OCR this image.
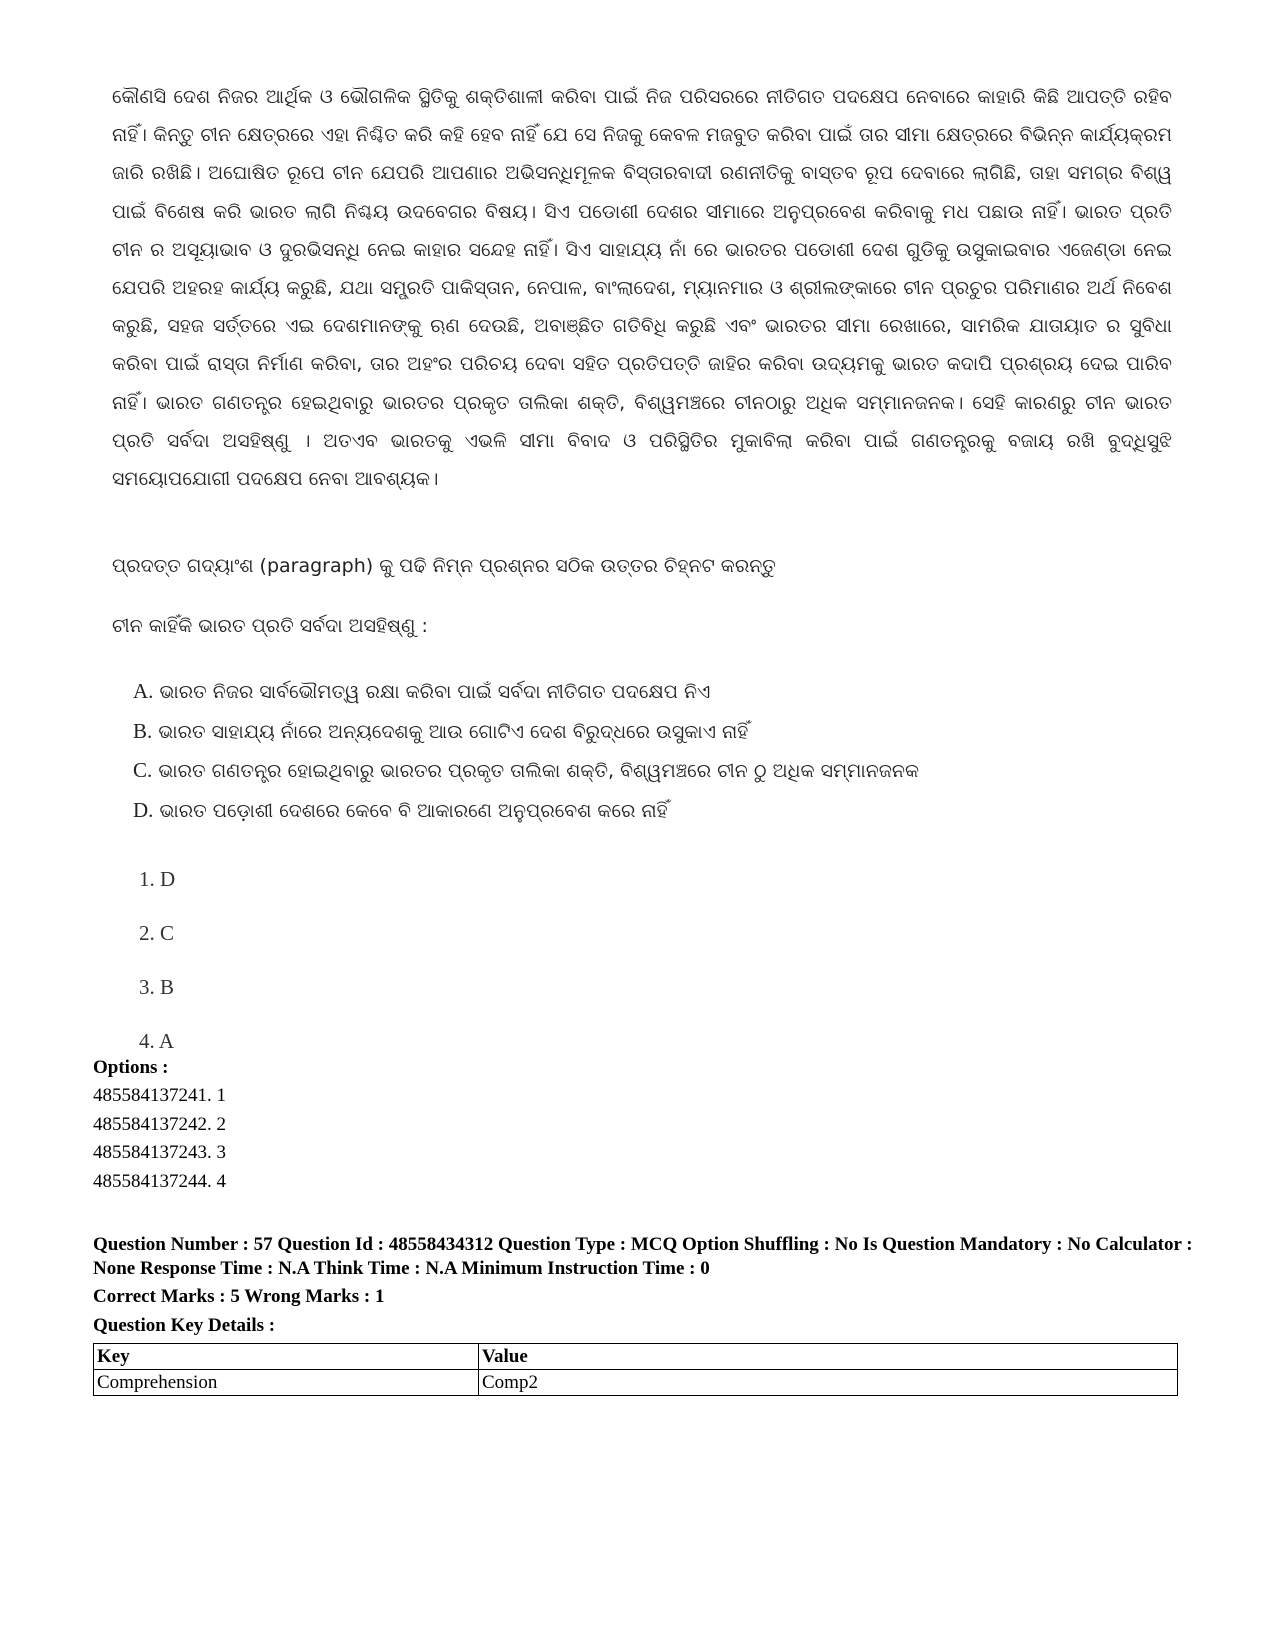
କୌଣସି ଦେଶ ନିଜର ଆର୍ଥିକ ଓ ଭୌଗଳିକ ସ୍ଥିତିକୁ ଶକ୍ତିଶାଳୀ କରିବା ପାଇଁ ନିଜ ପରିସରରେ ନୀତିଗତ ପଦକ୍ଷେପ ନେବାରେ କାହାରି କିଛି ଆପତ୍ତି ରହିବ ନାହିଁ। କିନ୍ତୁ ଚୀନ କ୍ଷେତ୍ରରେ ଏହା ନିଶ୍ଚିତ କରି କହି ହେବ ନାହିଁ ଯେ ସେ ନିଜକୁ କେବଳ ମଜବୁତ କରିବା ପାଇଁ ତାର ସୀମା କ୍ଷେତ୍ରରେ ବିଭିନ୍ନ କାର୍ଯ୍ୟକ୍ରମ ଜାରି ରଖିଛି। ଅଘୋଷିତ ରୂପେ ଚୀନ ଯେପରି ଆପଣାର ଅଭିସନ୍ଧିମୂଳକ ବିସ୍ତାରବାଦୀ ରଣନୀତିକୁ ବାସ୍ତବ ରୂପ ଦେବାରେ ଲାଗିଛି, ତାହା ସମଗ୍ର ବିଶ୍ୱ ପାଇଁ ବିଶେଷ କରି ଭାରତ ଲାଗି ନିଶ୍ଚୟ ଉଦବେଗର ବିଷୟ। ସିଏ ପଡୋଶୀ ଦେଶର ସୀମାରେ ଅନୁପ୍ରବେଶ କରିବାକୁ ମଧ ପଛାଉ ନାହିଁ। ଭାରତ ପ୍ରତି ଚୀନ ର ଅସୂୟାଭାବ ଓ ଦୁରଭିସନ୍ଧି ନେଇ କାହାର ସନ୍ଦେହ ନାହିଁ। ସିଏ ସାହାଯ୍ୟ ନାଁ ରେ ଭାରତର ପଡୋଶୀ ଦେଶ ଗୁଡିକୁ ଉସୁକାଇବାର ଏଜେଣ୍ଡା ନେଇ ଯେପରି ଅହରହ କାର୍ଯ୍ୟ କରୁଛି, ଯଥା ସମ୍ପ୍ରତି ପାକିସ୍ତାନ, ନେପାଳ, ବାଂଲାଦେଶ, ମ୍ୟାନମାର ଓ ଶ୍ରୀଲଙ୍କାରେ ଚୀନ ପ୍ରଚୁର ପରିମାଣର ଅର୍ଥ ନିବେଶ କରୁଛି, ସହଜ ସର୍ତ୍ତରେ ଏଇ ଦେଶମାନଙ୍କୁ ଋଣ ଦେଉଛି, ଅବାଞ୍ଛିତ ଗତିବିଧି କରୁଛି ଏବଂ ଭାରତର ସୀମା ରେଖାରେ, ସାମରିକ ଯାତାୟାତ ର ସୁବିଧା କରିବା ପାଇଁ ରାସ୍ତା ନିର୍ମାଣ କରିବା, ତାର ଅହଂର ପରିଚୟ ଦେବା ସହିତ ପ୍ରତିପତ୍ତି ଜାହିର କରିବା ଉଦ୍ୟମକୁ ଭାରତ କଦାପି ପ୍ରଶ୍ରୟ ଦେଇ ପାରିବ ନାହିଁ। ଭାରତ ଗଣତନ୍ତ୍ର ହେଇଥିବାରୁ ଭାରତର ପ୍ରକୃତ ତାଲିକା ଶକ୍ତି, ବିଶ୍ୱମଞ୍ଚରେ ଚୀନଠାରୁ ଅଧିକ ସମ୍ମାନଜନକ। ସେହି କାରଣରୁ ଚୀନ ଭାରତ ପ୍ରତି ସର୍ବଦା ଅସହିଷ୍ଣୁ । ଅତଏବ ଭାରତକୁ ଏଭଳି ସୀମା ବିବାଦ ଓ ପରିସ୍ଥିତିର ମୁକାବିଲା କରିବା ପାଇଁ ଗଣତନ୍ତ୍ରକୁ ବଜାୟ ରଖି ବୁଦ୍ଧିସୁଝି ସମୟୋପଯୋଗୀ ପଦକ୍ଷେପ ନେବା ଆବଶ୍ୟକ।
ପ୍ରଦତ୍ତ ଗଦ୍ୟାଂଶ (paragraph) କୁ ପଢି ନିମ୍ନ ପ୍ରଶ୍ନର ସଠିକ ଉତ୍ତର ଚିହ୍ନଟ କରନ୍ତୁ
ଚୀନ କାହିଁକି ଭାରତ ପ୍ରତି ସର୍ବଦା ଅସହିଷ୍ଣୁ :
A. ଭାରତ ନିଜର ସାର୍ବଭୌମତ୍ୱ ରକ୍ଷା କରିବା ପାଇଁ ସର୍ବଦା ନୀତିଗତ ପଦକ୍ଷେପ ନିଏ
B. ଭାରତ ସାହାଯ୍ୟ ନାଁରେ ଅନ୍ୟଦେଶକୁ ଆଉ ଗୋଟିଏ ଦେଶ ବିରୁଦ୍ଧରେ ଉସୁକାଏ ନାହିଁ
C. ଭାରତ ଗଣତନ୍ତ୍ର ହୋଇଥିବାରୁ ଭାରତର ପ୍ରକୃତ ତାଲିକା ଶକ୍ତି, ବିଶ୍ୱମଞ୍ଚରେ ଚୀନ ଠୁ ଅଧିକ ସମ୍ମାନଜନକ
D. ଭାରତ ପଡ଼ୋଶୀ ଦେଶରେ କେବେ ବି ଆକାରଣେ ଅନୁପ୍ରବେଶ କରେ ନାହିଁ
1. D
2. C
3. B
4. A
Options :
485584137241. 1
485584137242. 2
485584137243. 3
485584137244. 4
Question Number : 57 Question Id : 48558434312 Question Type : MCQ Option Shuffling : No Is Question Mandatory : No Calculator : None Response Time : N.A Think Time : N.A Minimum Instruction Time : 0
Correct Marks : 5 Wrong Marks : 1
Question Key Details :
Key	Value
Comprehension	Comp2
